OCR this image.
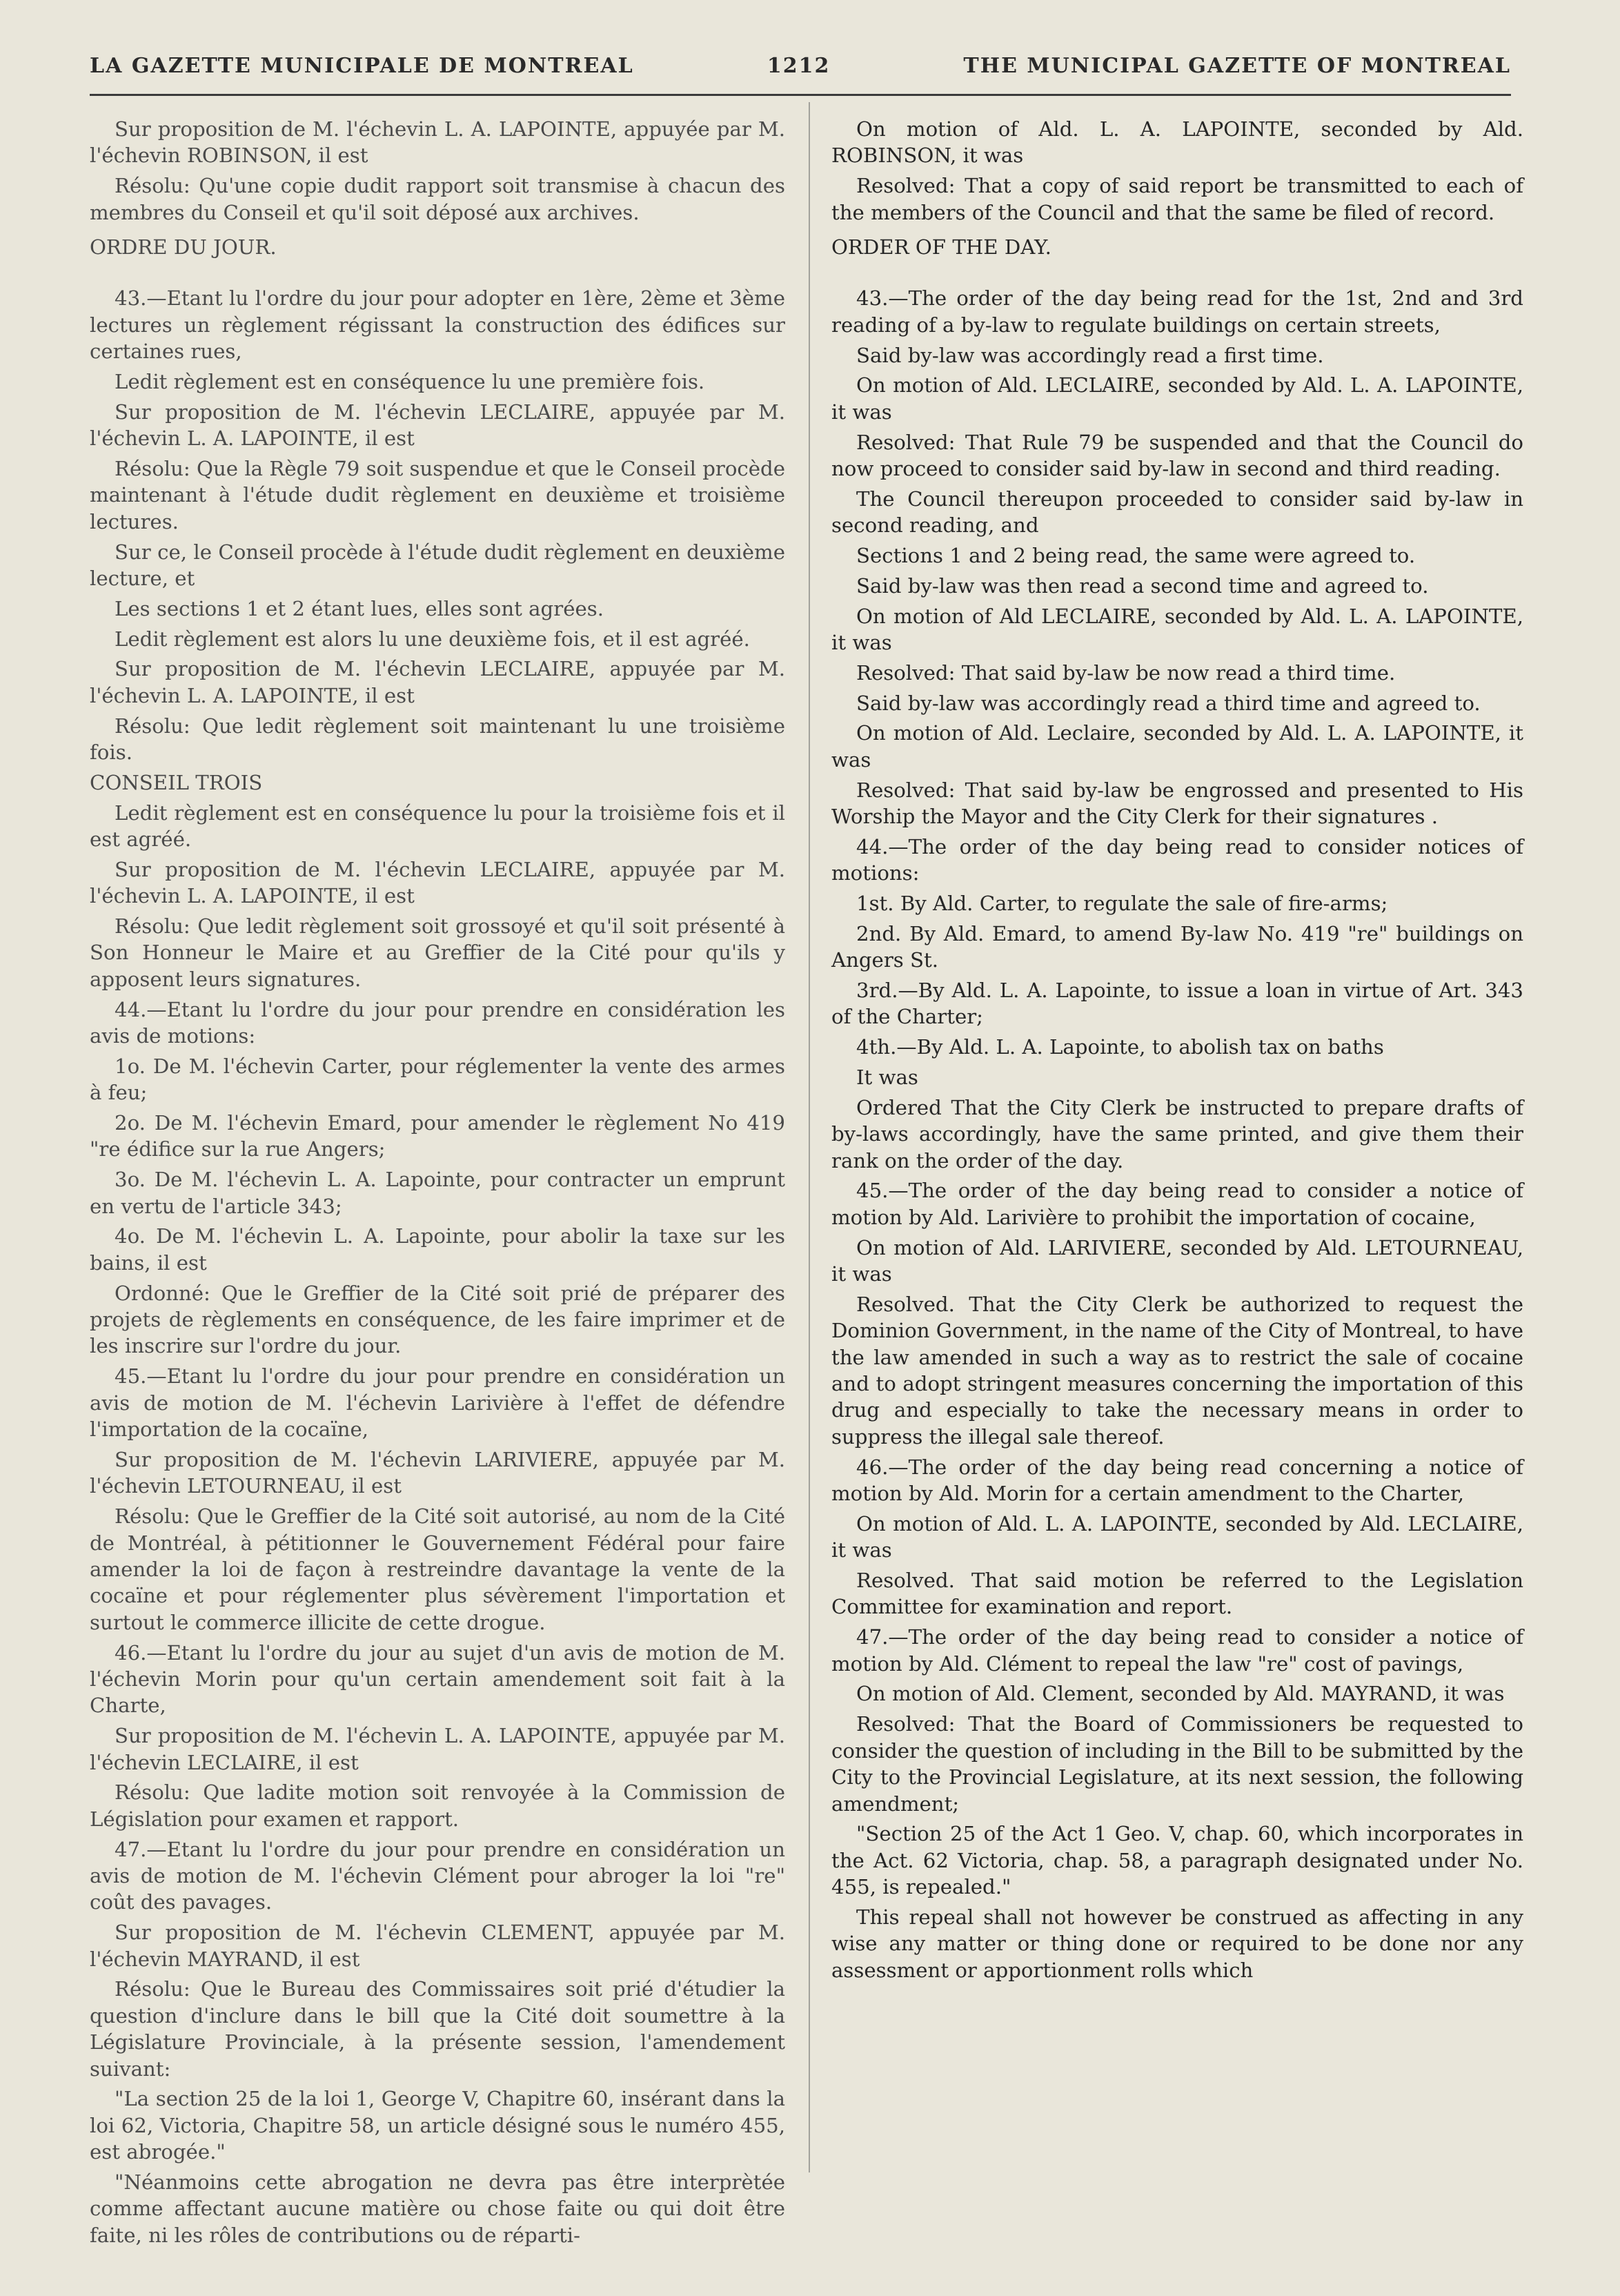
LA GAZETTE MUNICIPALE DE MONTREAL	1212	THE MUNICIPAL GAZETTE OF MONTREAL

Sur proposition de M. l'échevin L. A. LAPOINTE, appuyée par M. l'échevin ROBINSON, il est

Résolu: Qu'une copie dudit rapport soit transmise à chacun des membres du Conseil et qu'il soit déposé aux archives.

ORDRE DU JOUR.

43.—Etant lu l'ordre du jour pour adopter en 1ère, 2ème et 3ème lectures un règlement régissant la construction des édifices sur certaines rues,

Ledit règlement est en conséquence lu une première fois.

Sur proposition de M. l'échevin LECLAIRE, appuyée par M. l'échevin L. A. LAPOINTE, il est

Résolu: Que la Règle 79 soit suspendue et que le Conseil procède maintenant à l'étude dudit règlement en deuxième et troisième lectures.

Sur ce, le Conseil procède à l'étude dudit règlement en deuxième lecture, et

Les sections 1 et 2 étant lues, elles sont agrées.

Ledit règlement est alors lu une deuxième fois, et il est agréé.

Sur proposition de M. l'échevin LECLAIRE, appuyée par M. l'échevin L. A. LAPOINTE, il est

Résolu: Que ledit règlement soit maintenant lu une troisième fois.

CONSEIL TROIS

Ledit règlement est en conséquence lu pour la troisième fois et il est agréé.

Sur proposition de M. l'échevin LECLAIRE, appuyée par M. l'échevin L. A. LAPOINTE, il est

Résolu: Que ledit règlement soit grossoyé et qu'il soit présenté à Son Honneur le Maire et au Greffier de la Cité pour qu'ils y apposent leurs signatures.

44.—Etant lu l'ordre du jour pour prendre en considération les avis de motions:

1o. De M. l'échevin Carter, pour réglementer la vente des armes à feu;

2o. De M. l'échevin Emard, pour amender le règlement No 419 "re édifice sur la rue Angers;

3o. De M. l'échevin L. A. Lapointe, pour contracter un emprunt en vertu de l'article 343;

4o. De M. l'échevin L. A. Lapointe, pour abolir la taxe sur les bains, il est

Ordonné: Que le Greffier de la Cité soit prié de préparer des projets de règlements en conséquence, de les faire imprimer et de les inscrire sur l'ordre du jour.

45.—Etant lu l'ordre du jour pour prendre en considération un avis de motion de M. l'échevin Larivière à l'effet de défendre l'importation de la cocaïne,

Sur proposition de M. l'échevin LARIVIERE, appuyée par M. l'échevin LETOURNEAU, il est

Résolu: Que le Greffier de la Cité soit autorisé, au nom de la Cité de Montréal, à pétitionner le Gouvernement Fédéral pour faire amender la loi de façon à restreindre davantage la vente de la cocaïne et pour réglementer plus sévèrement l'importation et surtout le commerce illicite de cette drogue.

46.—Etant lu l'ordre du jour au sujet d'un avis de motion de M. l'échevin Morin pour qu'un certain amendement soit fait à la Charte,

Sur proposition de M. l'échevin L. A. LAPOINTE, appuyée par M. l'échevin LECLAIRE, il est

Résolu: Que ladite motion soit renvoyée à la Commission de Législation pour examen et rapport.

47.—Etant lu l'ordre du jour pour prendre en considération un avis de motion de M. l'échevin Clément pour abroger la loi "re" coût des pavages.

Sur proposition de M. l'échevin CLEMENT, appuyée par M. l'échevin MAYRAND, il est

Résolu: Que le Bureau des Commissaires soit prié d'étudier la question d'inclure dans le bill que la Cité doit soumettre à la Législature Provinciale, à la présente session, l'amendement suivant:

"La section 25 de la loi 1, George V, Chapitre 60, insérant dans la loi 62, Victoria, Chapitre 58, un article désigné sous le numéro 455, est abrogée."

"Néanmoins cette abrogation ne devra pas être interprètée comme affectant aucune matière ou chose faite ou qui doit être faite, ni les rôles de contributions ou de réparti-

On motion of Ald. L. A. LAPOINTE, seconded by Ald. ROBINSON, it was

Resolved: That a copy of said report be transmitted to each of the members of the Council and that the same be filed of record.

ORDER OF THE DAY.

43.—The order of the day being read for the 1st, 2nd and 3rd reading of a by-law to regulate buildings on certain streets,

Said by-law was accordingly read a first time.

On motion of Ald. LECLAIRE, seconded by Ald. L. A. LAPOINTE, it was

Resolved: That Rule 79 be suspended and that the Council do now proceed to consider said by-law in second and third reading.

The Council thereupon proceeded to consider said by-law in second reading, and

Sections 1 and 2 being read, the same were agreed to.

Said by-law was then read a second time and agreed to.

On motion of Ald LECLAIRE, seconded by Ald. L. A. LAPOINTE, it was

Resolved: That said by-law be now read a third time.

Said by-law was accordingly read a third time and agreed to.

On motion of Ald. Leclaire, seconded by Ald. L. A. LAPOINTE, it was

Resolved: That said by-law be engrossed and presented to His Worship the Mayor and the City Clerk for their signatures .

44.—The order of the day being read to consider notices of motions:

1st. By Ald. Carter, to regulate the sale of fire-arms;

2nd. By Ald. Emard, to amend By-law No. 419 "re" buildings on Angers St.

3rd.—By Ald. L. A. Lapointe, to issue a loan in virtue of Art. 343 of the Charter;

4th.—By Ald. L. A. Lapointe, to abolish tax on baths

It was

Ordered That the City Clerk be instructed to prepare drafts of by-laws accordingly, have the same printed, and give them their rank on the order of the day.

45.—The order of the day being read to consider a notice of motion by Ald. Larivière to prohibit the importation of cocaine,

On motion of Ald. LARIVIERE, seconded by Ald. LETOURNEAU, it was

Resolved. That the City Clerk be authorized to request the Dominion Government, in the name of the City of Montreal, to have the law amended in such a way as to restrict the sale of cocaine and to adopt stringent measures concerning the importation of this drug and especially to take the necessary means in order to suppress the illegal sale thereof.

46.—The order of the day being read concerning a notice of motion by Ald. Morin for a certain amendment to the Charter,

On motion of Ald. L. A. LAPOINTE, seconded by Ald. LECLAIRE, it was

Resolved. That said motion be referred to the Legislation Committee for examination and report.

47.—The order of the day being read to consider a notice of motion by Ald. Clément to repeal the law "re" cost of pavings,

On motion of Ald. Clement, seconded by Ald. MAYRAND, it was

Resolved: That the Board of Commissioners be requested to consider the question of including in the Bill to be submitted by the City to the Provincial Legislature, at its next session, the following amendment;

"Section 25 of the Act 1 Geo. V, chap. 60, which incorporates in the Act. 62 Victoria, chap. 58, a paragraph designated under No. 455, is repealed."

This repeal shall not however be construed as affecting in any wise any matter or thing done or required to be done nor any assessment or apportionment rolls which
